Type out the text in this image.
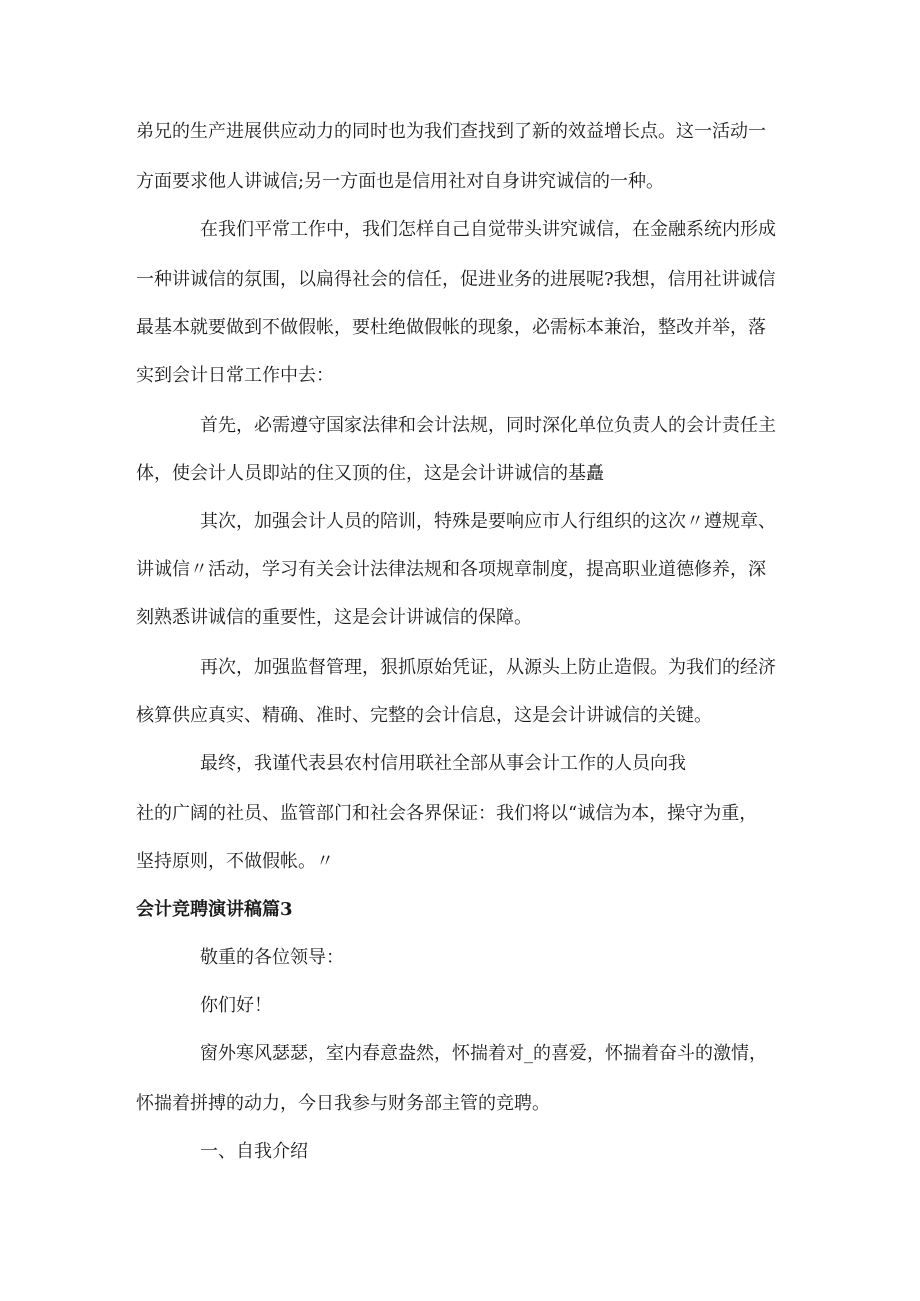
弟兄的生产进展供应动力的同时也为我们查找到了新的效益增长点。这一活动一
方面要求他人讲诚信;另一方面也是信用社对自身讲究诚信的一种。
在我们平常工作中，我们怎样自己自觉带头讲究诚信，在金融系统内形成
一种讲诚信的氛围，以扁得社会的信任，促进业务的进展呢?我想，信用社讲诚信
最基本就要做到不做假帐，要杜绝做假帐的现象，必需标本兼治，整改并举，落
实到会计日常工作中去：
首先，必需遵守国家法律和会计法规，同时深化单位负责人的会计责任主
体，使会计人员即站的住又顶的住，这是会计讲诚信的基矗
其次，加强会计人员的陪训，特殊是要响应市人行组织的这次〃遵规章、
讲诚信〃活动，学习有关会计法律法规和各项规章制度，提高职业道德修养，深
刻熟悉讲诚信的重要性，这是会计讲诚信的保障。
再次，加强监督管理，狠抓原始凭证，从源头上防止造假。为我们的经济
核算供应真实、精确、准时、完整的会计信息，这是会计讲诚信的关键。
最终，我谨代表县农村信用联社全部从事会计工作的人员向我
社的广阔的社员、监管部门和社会各界保证：我们将以“诚信为本，操守为重，
坚持原则，不做假帐。〃
会计竞聘演讲稿篇3
敬重的各位领导：
你们好！
窗外寒风瑟瑟，室内春意盎然，怀揣着对_的喜爱，怀揣着奋斗的激情，
怀揣着拼搏的动力，今日我参与财务部主管的竞聘。
一、自我介绍
